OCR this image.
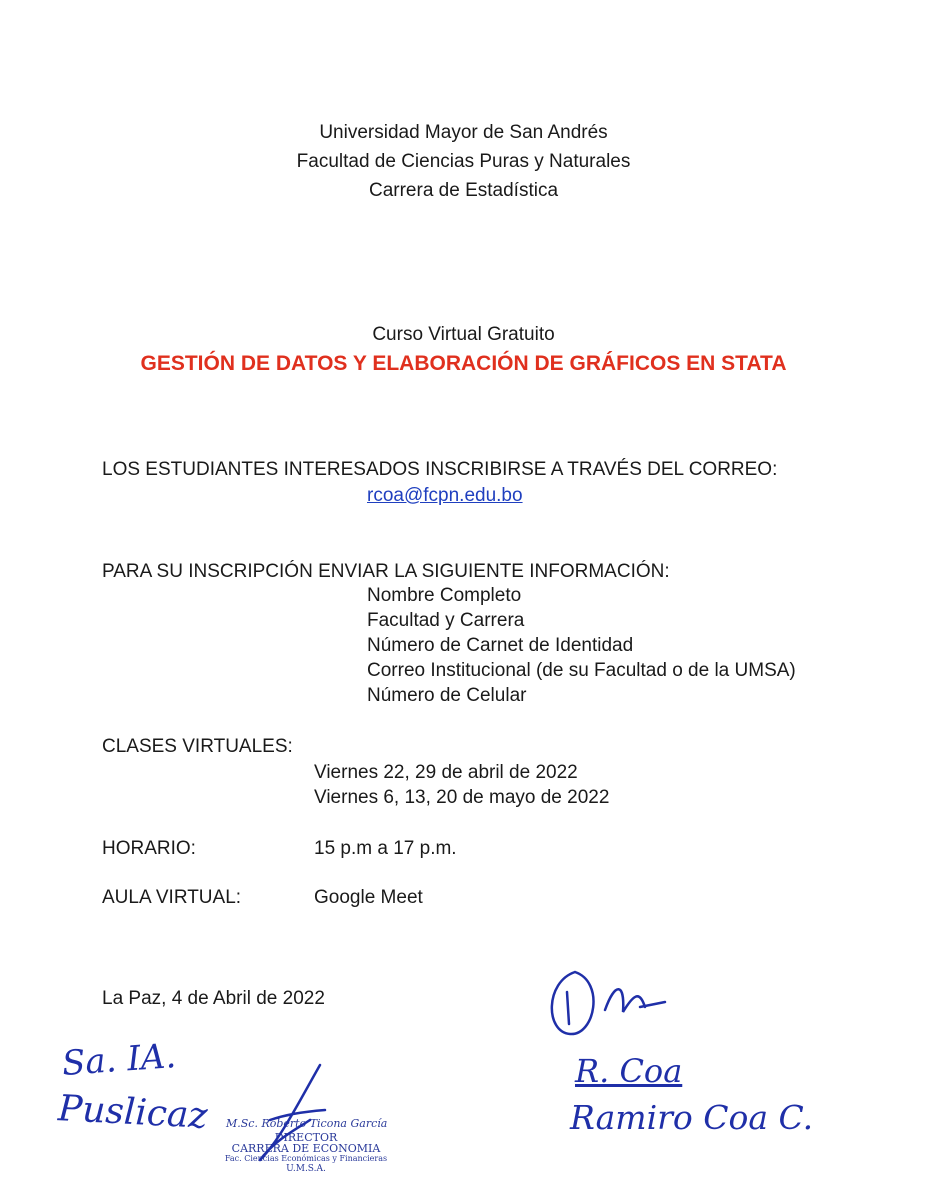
Universidad Mayor de San Andrés
Facultad de Ciencias Puras y Naturales
Carrera de Estadística
Curso Virtual Gratuito
GESTIÓN DE DATOS Y ELABORACIÓN DE GRÁFICOS EN STATA
LOS ESTUDIANTES INTERESADOS INSCRIBIRSE A TRAVÉS DEL CORREO:
rcoa@fcpn.edu.bo
PARA SU INSCRIPCIÓN ENVIAR LA SIGUIENTE INFORMACIÓN:
Nombre Completo
Facultad y Carrera
Número de Carnet de Identidad
Correo Institucional (de su Facultad o de la UMSA)
Número de Celular
CLASES VIRTUALES:
Viernes 22, 29 de abril de 2022
Viernes 6, 13, 20 de mayo de 2022
HORARIO:	15 p.m a 17 p.m.
AULA VIRTUAL:	Google Meet
La Paz, 4 de Abril de 2022
Sa. IA.
Puslicaz M.Sc. Roberto Ticona García
DIRECTOR
CARRERA DE ECONOMIA
Fac. Ciencias Económicas y Financieras
U.M.S.A.
R. Coa
Ramiro Coa C.
